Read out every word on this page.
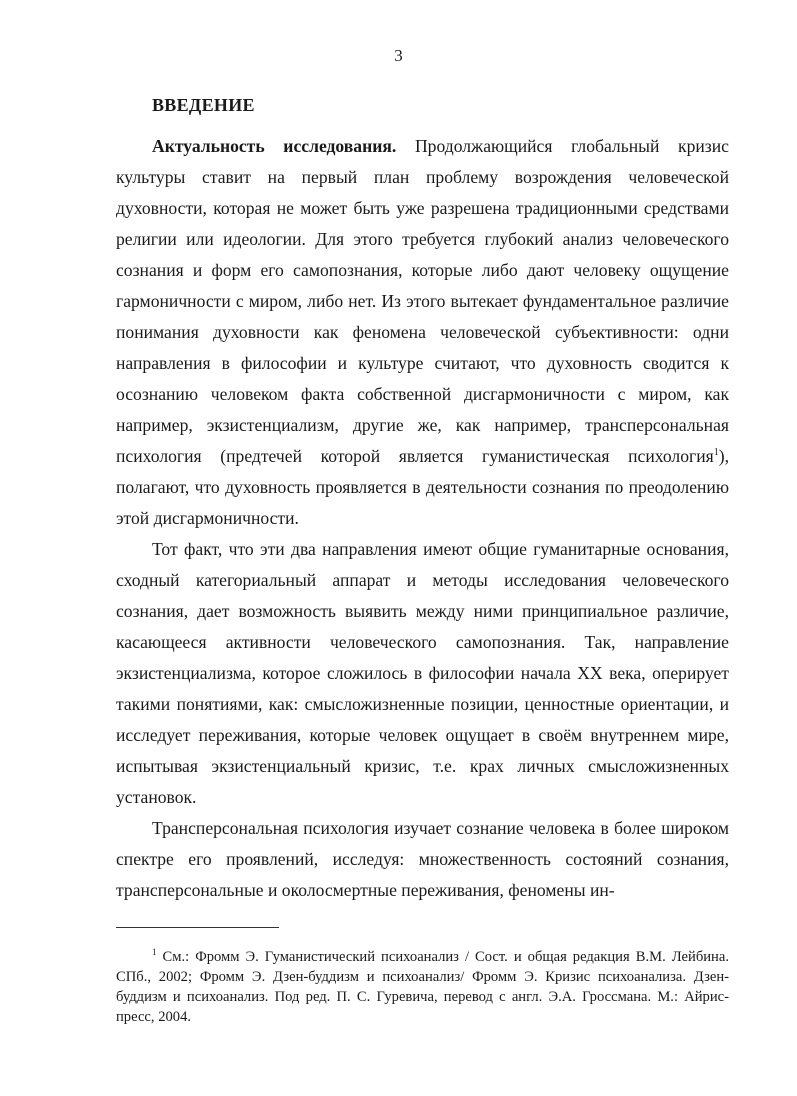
3
ВВЕДЕНИЕ

Актуальность исследования. Продолжающийся глобальный кризис культуры ставит на первый план проблему возрождения человеческой духовности, которая не может быть уже разрешена традиционными средствами религии или идеологии. Для этого требуется глубокий анализ человеческого сознания и форм его самопознания, которые либо дают человеку ощущение гармоничности с миром, либо нет. Из этого вытекает фундаментальное различие понимания духовности как феномена человеческой субъективности: одни направления в философии и культуре считают, что духовность сводится к осознанию человеком факта собственной дисгармоничности с миром, как например, экзистенциализм, другие же, как например, трансперсональная психология (предтечей которой является гуманистическая психология$^1$), полагают, что духовность проявляется в деятельности сознания по преодолению этой дисгармоничности.

Тот факт, что эти два направления имеют общие гуманитарные основания, сходный категориальный аппарат и методы исследования человеческого сознания, дает возможность выявить между ними принципиальное различие, касающееся активности человеческого самопознания. Так, направление экзистенциализма, которое сложилось в философии начала XX века, оперирует такими понятиями, как: смысложизненные позиции, ценностные ориентации, и исследует переживания, которые человек ощущает в своём внутреннем мире, испытывая экзистенциальный кризис, т.е. крах личных смысложизненных установок.

Трансперсональная психология изучает сознание человека в более широком спектре его проявлений, исследуя: множественность состояний сознания, трансперсональные и околосмертные переживания, феномены ин-

$^1$ См.: Фромм Э. Гуманистический психоанализ / Сост. и общая редакция В.М. Лейбина. СПб., 2002; Фромм Э. Дзен-буддизм и психоанализ/ Фромм Э. Кризис психоанализа. Дзен-буддизм и психоанализ. Под ред. П. С. Гуревича, перевод с англ. Э.А. Гроссмана. М.: Айрис-пресс, 2004.
